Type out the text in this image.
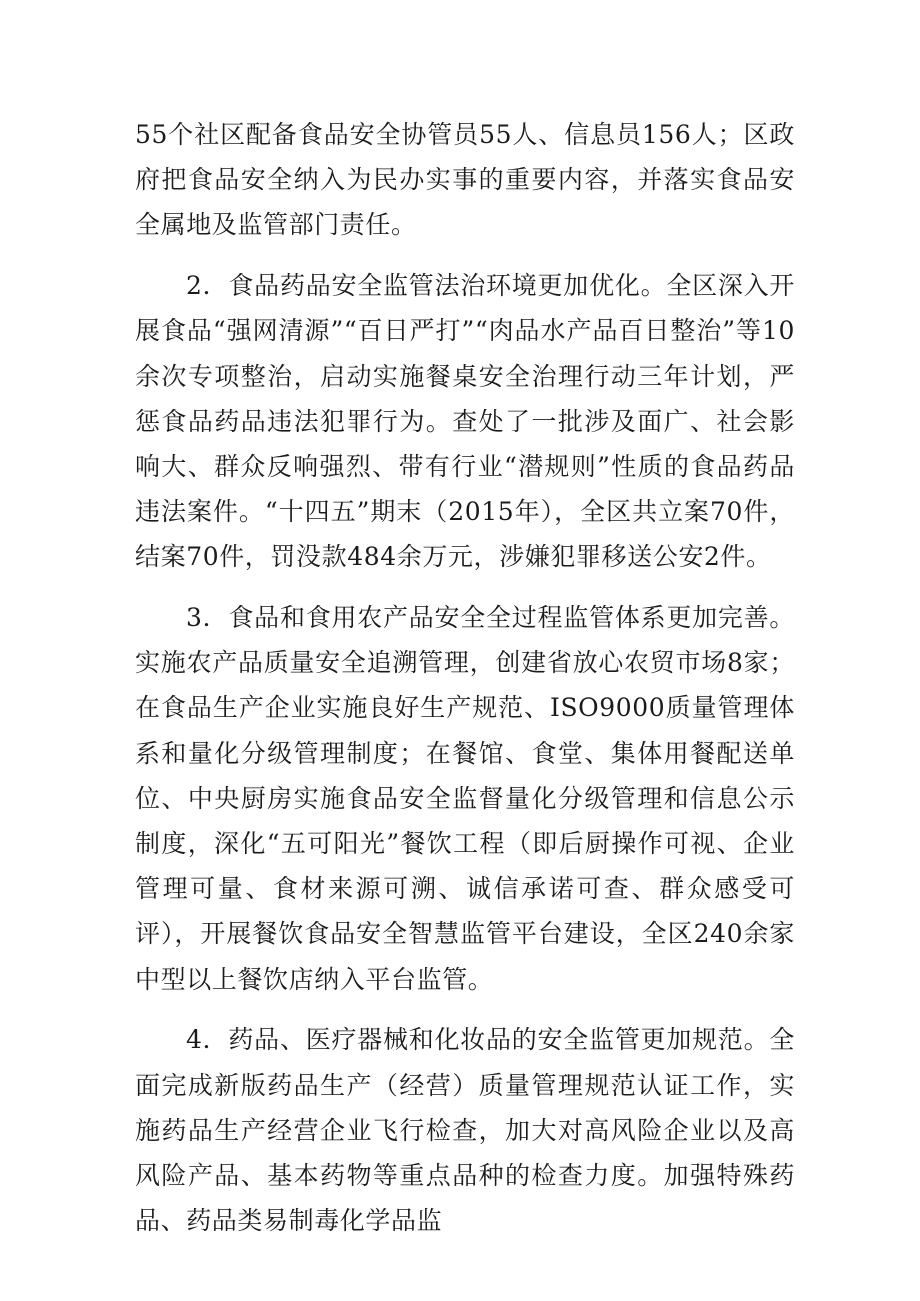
55个社区配备食品安全协管员55人、信息员156人；区政府把食品安全纳入为民办实事的重要内容，并落实食品安全属地及监管部门责任。

2．食品药品安全监管法治环境更加优化。全区深入开展食品“强网清源”“百日严打”“肉品水产品百日整治”等10余次专项整治，启动实施餐桌安全治理行动三年计划，严惩食品药品违法犯罪行为。查处了一批涉及面广、社会影响大、群众反响强烈、带有行业“潜规则”性质的食品药品违法案件。“十四五”期末（2015年），全区共立案70件，结案70件，罚没款484余万元，涉嫌犯罪移送公安2件。

3．食品和食用农产品安全全过程监管体系更加完善。实施农产品质量安全追溯管理，创建省放心农贸市场8家；在食品生产企业实施良好生产规范、ISO9000质量管理体系和量化分级管理制度；在餐馆、食堂、集体用餐配送单位、中央厨房实施食品安全监督量化分级管理和信息公示制度，深化“五可阳光”餐饮工程（即后厨操作可视、企业管理可量、食材来源可溯、诚信承诺可查、群众感受可评），开展餐饮食品安全智慧监管平台建设，全区240余家中型以上餐饮店纳入平台监管。

4．药品、医疗器械和化妆品的安全监管更加规范。全面完成新版药品生产（经营）质量管理规范认证工作，实施药品生产经营企业飞行检查，加大对高风险企业以及高风险产品、基本药物等重点品种的检查力度。加强特殊药品、药品类易制毒化学品监
